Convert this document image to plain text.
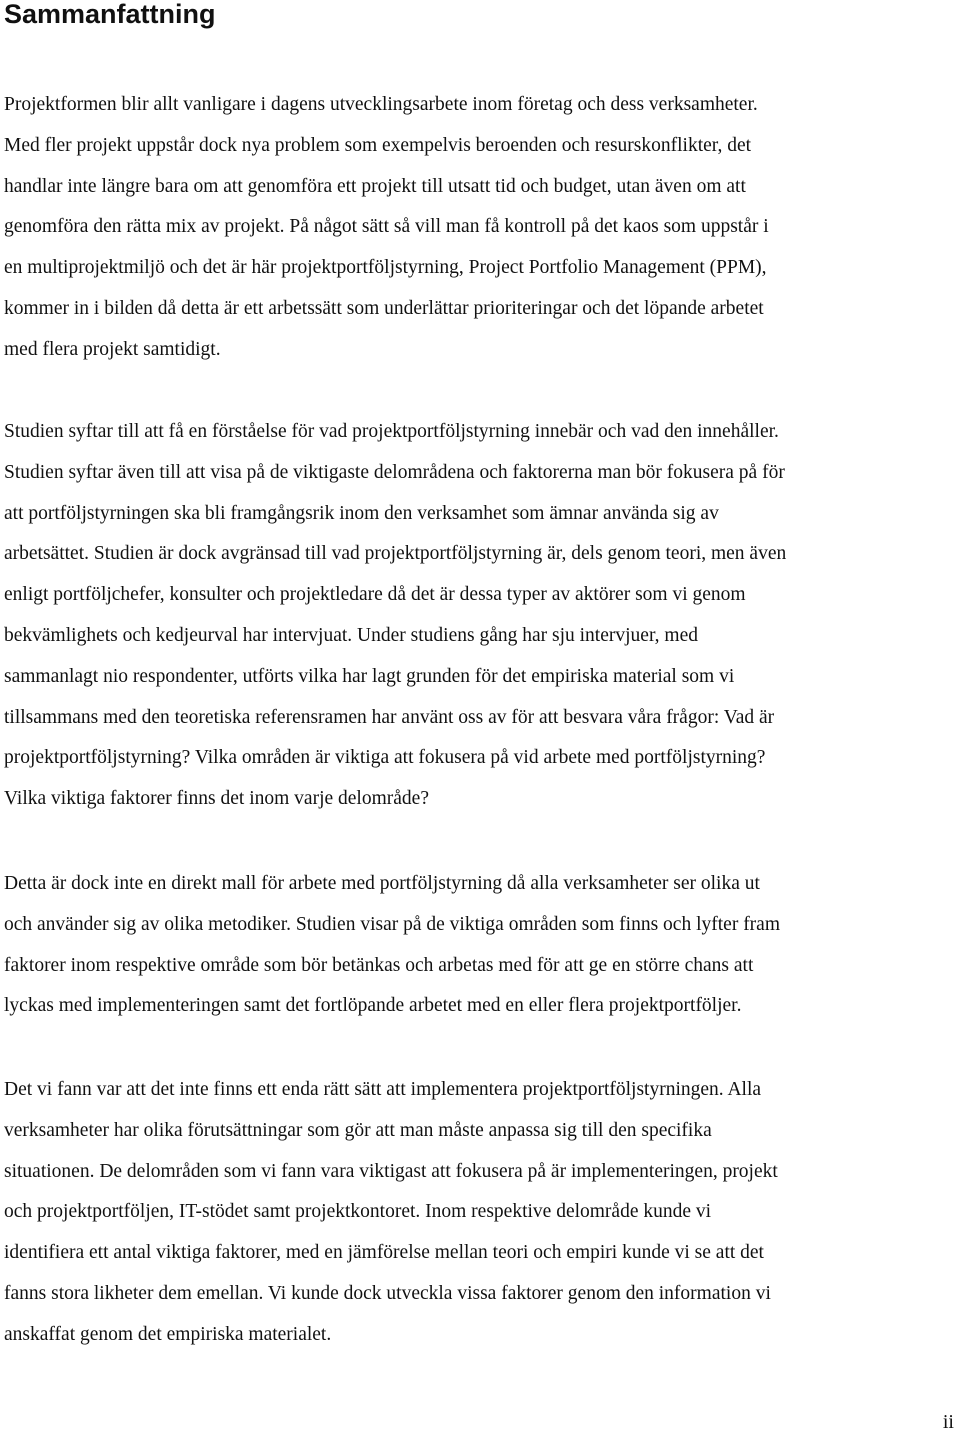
Sammanfattning

Projektformen blir allt vanligare i dagens utvecklingsarbete inom företag och dess verksamheter.
Med fler projekt uppstår dock nya problem som exempelvis beroenden och resurskonflikter, det
handlar inte längre bara om att genomföra ett projekt till utsatt tid och budget, utan även om att
genomföra den rätta mix av projekt. På något sätt så vill man få kontroll på det kaos som uppstår i
en multiprojektmiljö och det är här projektportföljstyrning, Project Portfolio Management (PPM),
kommer in i bilden då detta är ett arbetssätt som underlättar prioriteringar och det löpande arbetet
med flera projekt samtidigt.

Studien syftar till att få en förståelse för vad projektportföljstyrning innebär och vad den innehåller.
Studien syftar även till att visa på de viktigaste delområdena och faktorerna man bör fokusera på för
att portföljstyrningen ska bli framgångsrik inom den verksamhet som ämnar använda sig av
arbetsättet. Studien är dock avgränsad till vad projektportföljstyrning är, dels genom teori, men även
enligt portföljchefer, konsulter och projektledare då det är dessa typer av aktörer som vi genom
bekvämlighets och kedjeurval har intervjuat. Under studiens gång har sju intervjuer, med
sammanlagt nio respondenter, utförts vilka har lagt grunden för det empiriska material som vi
tillsammans med den teoretiska referensramen har använt oss av för att besvara våra frågor: Vad är
projektportföljstyrning? Vilka områden är viktiga att fokusera på vid arbete med portföljstyrning?
Vilka viktiga faktorer finns det inom varje delområde?

Detta är dock inte en direkt mall för arbete med portföljstyrning då alla verksamheter ser olika ut
och använder sig av olika metodiker. Studien visar på de viktiga områden som finns och lyfter fram
faktorer inom respektive område som bör betänkas och arbetas med för att ge en större chans att
lyckas med implementeringen samt det fortlöpande arbetet med en eller flera projektportföljer.

Det vi fann var att det inte finns ett enda rätt sätt att implementera projektportföljstyrningen. Alla
verksamheter har olika förutsättningar som gör att man måste anpassa sig till den specifika
situationen. De delområden som vi fann vara viktigast att fokusera på är implementeringen, projekt
och projektportföljen, IT-stödet samt projektkontoret. Inom respektive delområde kunde vi
identifiera ett antal viktiga faktorer, med en jämförelse mellan teori och empiri kunde vi se att det
fanns stora likheter dem emellan. Vi kunde dock utveckla vissa faktorer genom den information vi
anskaffat genom det empiriska materialet.

ii
